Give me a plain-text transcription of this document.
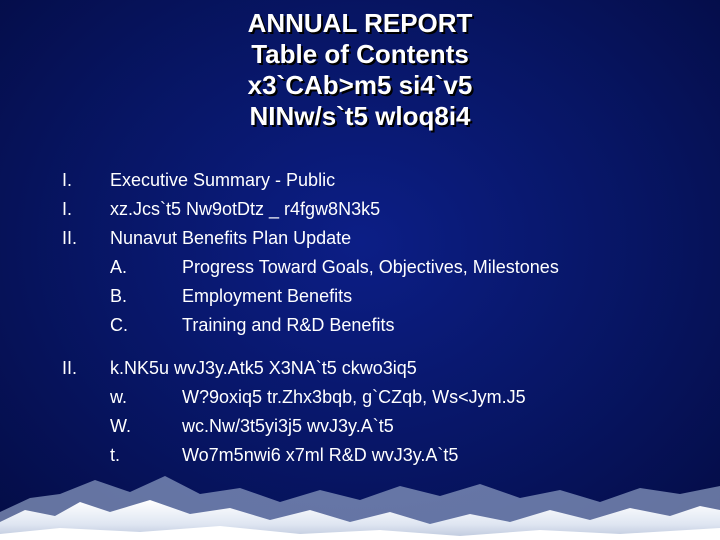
ANNUAL REPORT
Table of Contents
x3`CAb>m5 si4`v5
NINw/s`t5 wloq8i4
I. Executive Summary - Public
I. xz.Jcs`t5 Nw9otDtz _ r4fgw8N3k5
II. Nunavut Benefits Plan Update
A.	Progress Toward Goals, Objectives, Milestones
B.	Employment Benefits
C.	Training and R&D Benefits
II. k.NK5u wvJ3y.Atk5 X3NA`t5 ckwo3iq5
w.	W?9oxiq5 tr.Zhx3bqb, g`CZqb, Ws<Jym.J5
W.	wc.Nw/3t5yi3j5 wvJ3y.A`t5
t.	Wo7m5nwi6 x7ml R&D wvJ3y.A`t5
